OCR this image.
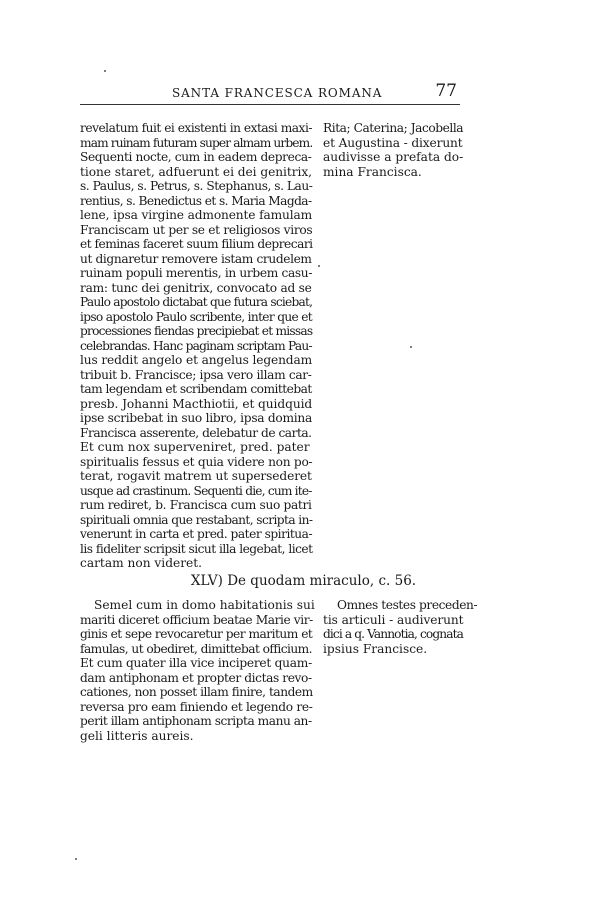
SANTA FRANCESCA ROMANA	77
revelatum fuit ei existenti in extasi maxi-
mam ruinam futuram super almam urbem.
Sequenti nocte, cum in eadem depreca-
tione staret, adfuerunt ei dei genitrix,
s. Paulus, s. Petrus, s. Stephanus, s. Lau-
rentius, s. Benedictus et s. Maria Magda-
lene, ipsa virgine admonente famulam
Franciscam ut per se et religiosos viros
et feminas faceret suum filium deprecari
ut dignaretur removere istam crudelem
ruinam populi merentis, in urbem casu-
ram: tunc dei genitrix, convocato ad se
Paulo apostolo dictabat que futura sciebat,
ipso apostolo Paulo scribente, inter que et
processiones fiendas precipiebat et missas
celebrandas. Hanc paginam scriptam Pau-
lus reddit angelo et angelus legendam
tribuit b. Francisce; ipsa vero illam car-
tam legendam et scribendam comittebat
presb. Johanni Macthiotii, et quidquid
ipse scribebat in suo libro, ipsa domina
Francisca asserente, delebatur de carta.
Et cum nox superveniret, pred. pater
spiritualis fessus et quia videre non po-
terat, rogavit matrem ut supersederet
usque ad crastinum. Sequenti die, cum ite-
rum rediret, b. Francisca cum suo patri
spirituali omnia que restabant, scripta in-
venerunt in carta et pred. pater spiritua-
lis fideliter scripsit sicut illa legebat, licet
cartam non videret.
Rita; Caterina; Jacobella
et Augustina - dixerunt
audivisse a prefata do-
mina Francisca.
XLV) De quodam miraculo, c. 56.
Semel cum in domo habitationis sui
mariti diceret officium beatae Marie vir-
ginis et sepe revocaretur per maritum et
famulas, ut obediret, dimittebat officium.
Et cum quater illa vice inciperet quam-
dam antiphonam et propter dictas revo-
cationes, non posset illam finire, tandem
reversa pro eam finiendo et legendo re-
perit illam antiphonam scripta manu an-
geli litteris aureis.
Omnes testes preceden-
tis articuli - audiverunt
dici a q. Vannotia, cognata
ipsius Francisce.
